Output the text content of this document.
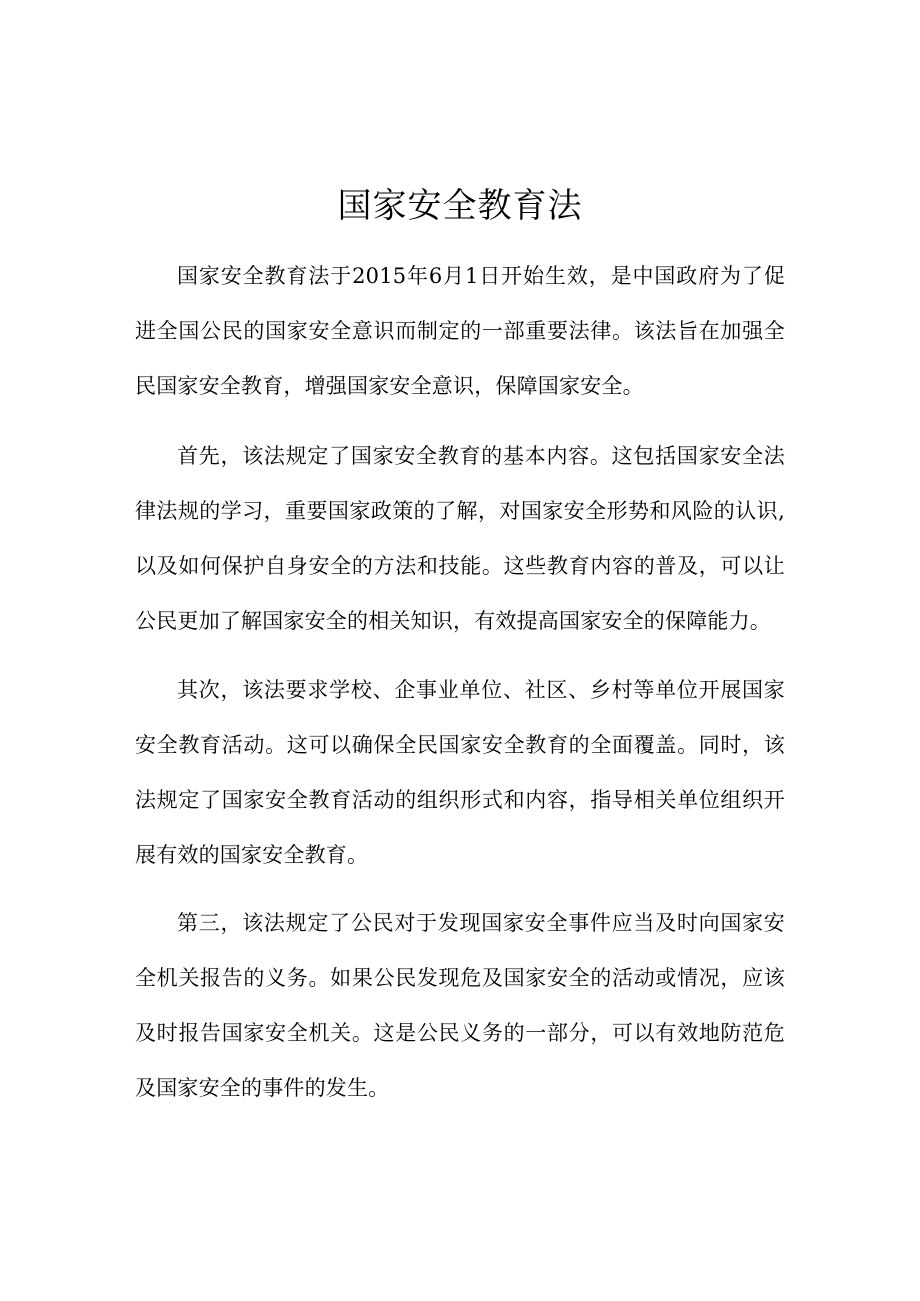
国家安全教育法

国家安全教育法于2015年6月1日开始生效，是中国政府为了促进全国公民的国家安全意识而制定的一部重要法律。该法旨在加强全民国家安全教育，增强国家安全意识，保障国家安全。

首先，该法规定了国家安全教育的基本内容。这包括国家安全法律法规的学习，重要国家政策的了解，对国家安全形势和风险的认识,以及如何保护自身安全的方法和技能。这些教育内容的普及，可以让公民更加了解国家安全的相关知识，有效提高国家安全的保障能力。

其次，该法要求学校、企事业单位、社区、乡村等单位开展国家安全教育活动。这可以确保全民国家安全教育的全面覆盖。同时，该法规定了国家安全教育活动的组织形式和内容，指导相关单位组织开展有效的国家安全教育。

第三，该法规定了公民对于发现国家安全事件应当及时向国家安全机关报告的义务。如果公民发现危及国家安全的活动或情况，应该及时报告国家安全机关。这是公民义务的一部分，可以有效地防范危及国家安全的事件的发生。
